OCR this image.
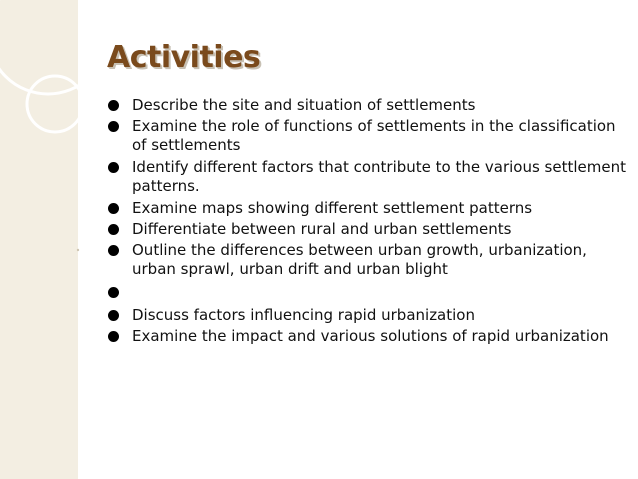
Activities
Describe the site and situation of settlements
Examine the role of functions of settlements in the classification of settlements
Identify different factors that contribute to the various settlement patterns.
Examine maps showing different settlement patterns
Differentiate between rural and urban settlements
Outline the differences between urban growth, urbanization, urban sprawl, urban drift and urban blight
Discuss factors influencing rapid urbanization
Examine the impact and various solutions of rapid urbanization
